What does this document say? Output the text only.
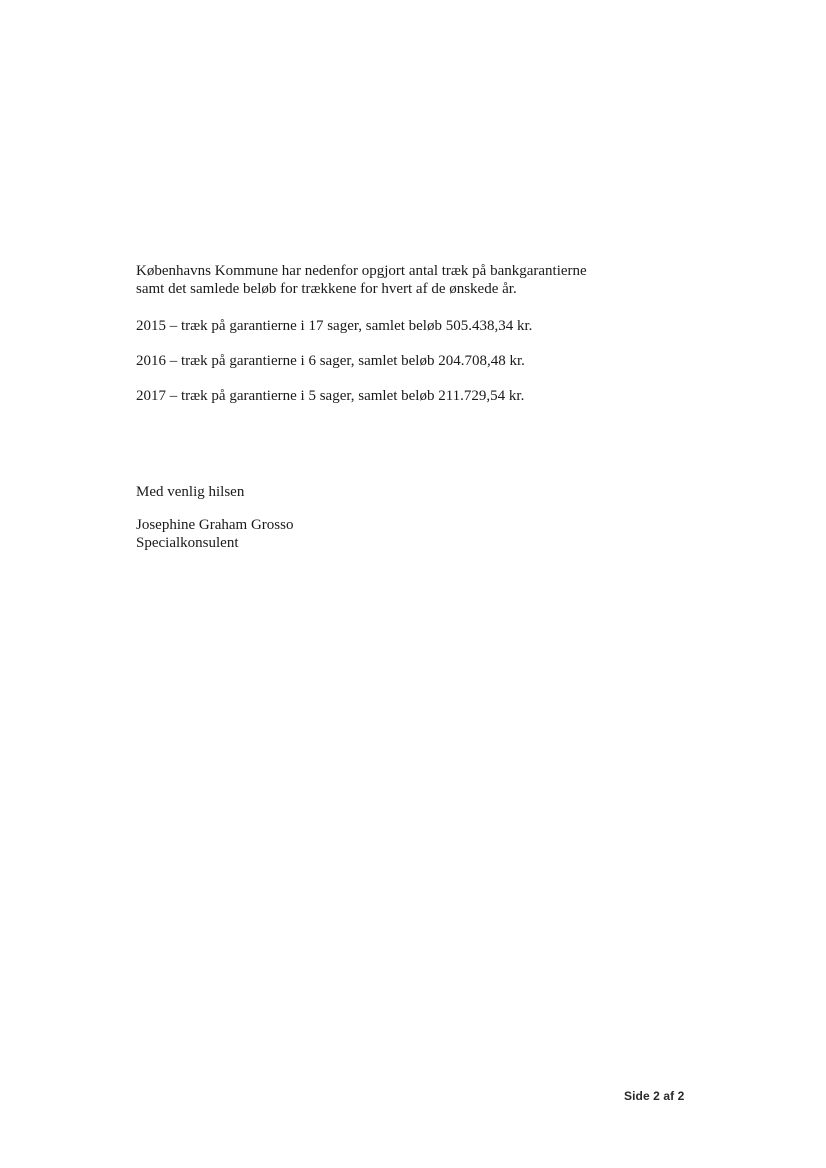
Københavns Kommune har nedenfor opgjort antal træk på bankgarantierne samt det samlede beløb for trækkene for hvert af de ønskede år.

2015 – træk på garantierne i 17 sager, samlet beløb 505.438,34 kr.

2016 – træk på garantierne i 6 sager, samlet beløb 204.708,48 kr.

2017 – træk på garantierne i 5 sager, samlet beløb 211.729,54 kr.

Med venlig hilsen

Josephine Graham Grosso
Specialkonsulent

Side 2 af 2
